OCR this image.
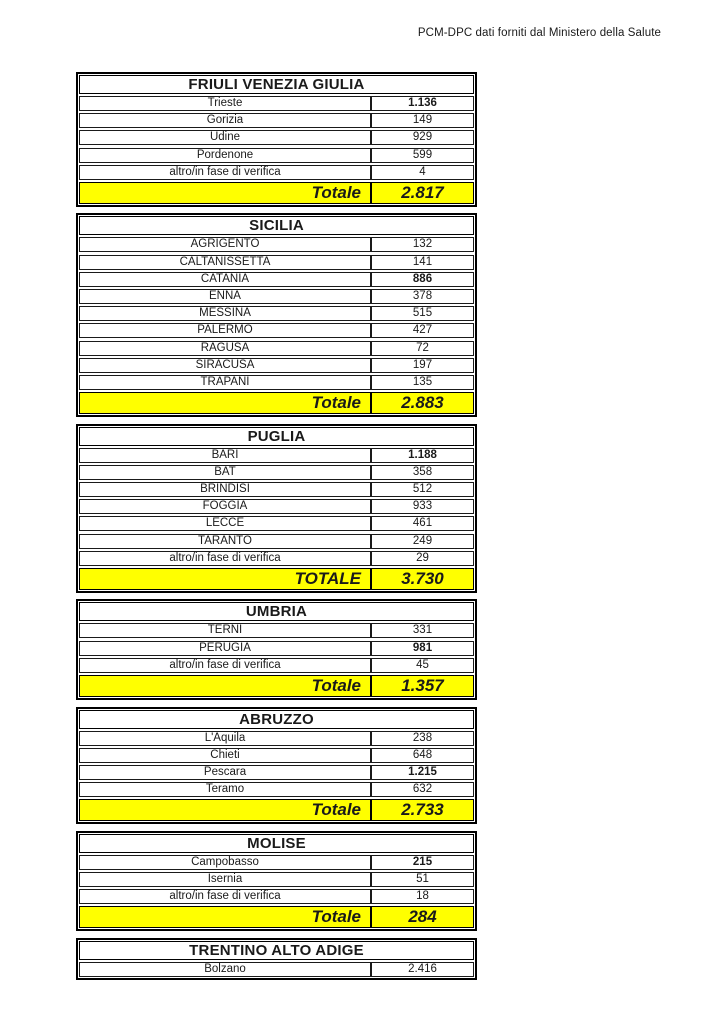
PCM-DPC dati forniti dal Ministero della Salute
FRIULI VENEZIA GIULIA
Trieste	1.136
Gorizia	149
Udine	929
Pordenone	599
altro/in fase di verifica	4
Totale	2.817
SICILIA
AGRIGENTO	132
CALTANISSETTA	141
CATANIA	886
ENNA	378
MESSINA	515
PALERMO	427
RAGUSA	72
SIRACUSA	197
TRAPANI	135
Totale	2.883
PUGLIA
BARI	1.188
BAT	358
BRINDISI	512
FOGGIA	933
LECCE	461
TARANTO	249
altro/in fase di verifica	29
TOTALE	3.730
UMBRIA
TERNI	331
PERUGIA	981
altro/in fase di verifica	45
Totale	1.357
ABRUZZO
L'Aquila	238
Chieti	648
Pescara	1.215
Teramo	632
Totale	2.733
MOLISE
Campobasso	215
Isernia	51
altro/in fase di verifica	18
Totale	284
TRENTINO ALTO ADIGE
Bolzano	2.416
